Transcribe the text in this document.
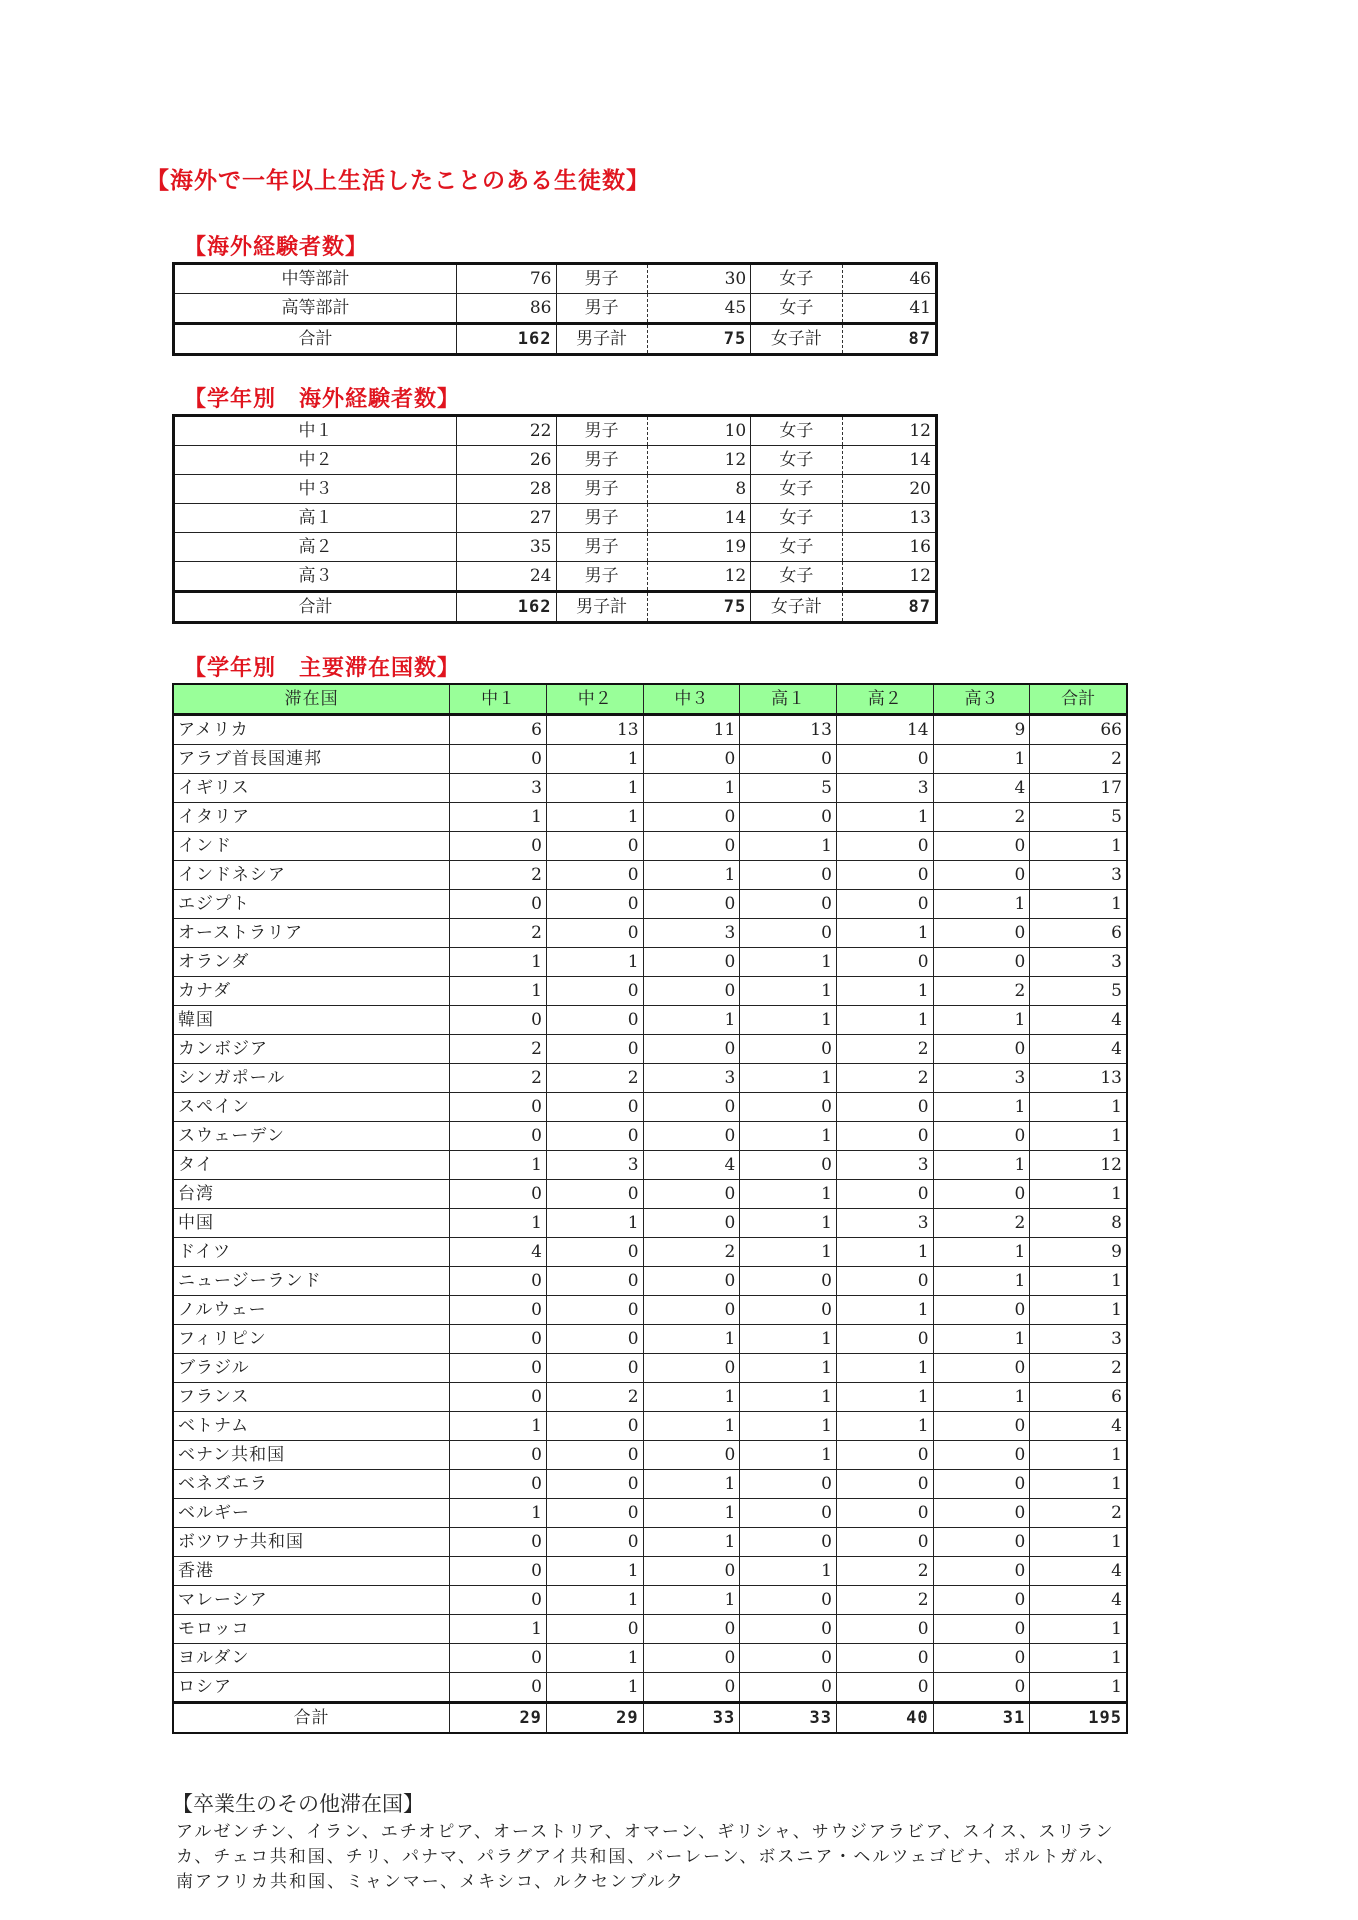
【海外で一年以上生活したことのある生徒数】
【海外経験者数】
中等部計	76	男子	30	女子	46
高等部計	86	男子	45	女子	41
合計	162	男子計	75	女子計	87
【学年別　海外経験者数】
中１	22	男子	10	女子	12
中２	26	男子	12	女子	14
中３	28	男子	8	女子	20
高１	27	男子	14	女子	13
高２	35	男子	19	女子	16
高３	24	男子	12	女子	12
合計	162	男子計	75	女子計	87
【学年別　主要滞在国数】
滞在国	中１	中２	中３	高１	高２	高３	合計
アメリカ	6	13	11	13	14	9	66
アラブ首長国連邦	0	1	0	0	0	1	2
イギリス	3	1	1	5	3	4	17
イタリア	1	1	0	0	1	2	5
インド	0	0	0	1	0	0	1
インドネシア	2	0	1	0	0	0	3
エジプト	0	0	0	0	0	1	1
オーストラリア	2	0	3	0	1	0	6
オランダ	1	1	0	1	0	0	3
カナダ	1	0	0	1	1	2	5
韓国	0	0	1	1	1	1	4
カンボジア	2	0	0	0	2	0	4
シンガポール	2	2	3	1	2	3	13
スペイン	0	0	0	0	0	1	1
スウェーデン	0	0	0	1	0	0	1
タイ	1	3	4	0	3	1	12
台湾	0	0	0	1	0	0	1
中国	1	1	0	1	3	2	8
ドイツ	4	0	2	1	1	1	9
ニュージーランド	0	0	0	0	0	1	1
ノルウェー	0	0	0	0	1	0	1
フィリピン	0	0	1	1	0	1	3
ブラジル	0	0	0	1	1	0	2
フランス	0	2	1	1	1	1	6
ベトナム	1	0	1	1	1	0	4
ベナン共和国	0	0	0	1	0	0	1
ベネズエラ	0	0	1	0	0	0	1
ベルギー	1	0	1	0	0	0	2
ボツワナ共和国	0	0	1	0	0	0	1
香港	0	1	0	1	2	0	4
マレーシア	0	1	1	0	2	0	4
モロッコ	1	0	0	0	0	0	1
ヨルダン	0	1	0	0	0	0	1
ロシア	0	1	0	0	0	0	1
合計	29	29	33	33	40	31	195
【卒業生のその他滞在国】

アルゼンチン、イラン、エチオピア、オーストリア、オマーン、ギリシャ、サウジアラビア、スイス、スリランカ、チェコ共和国、チリ、パナマ、パラグアイ共和国、バーレーン、ボスニア・ヘルツェゴビナ、ポルトガル、南アフリカ共和国、ミャンマー、メキシコ、ルクセンブルク
